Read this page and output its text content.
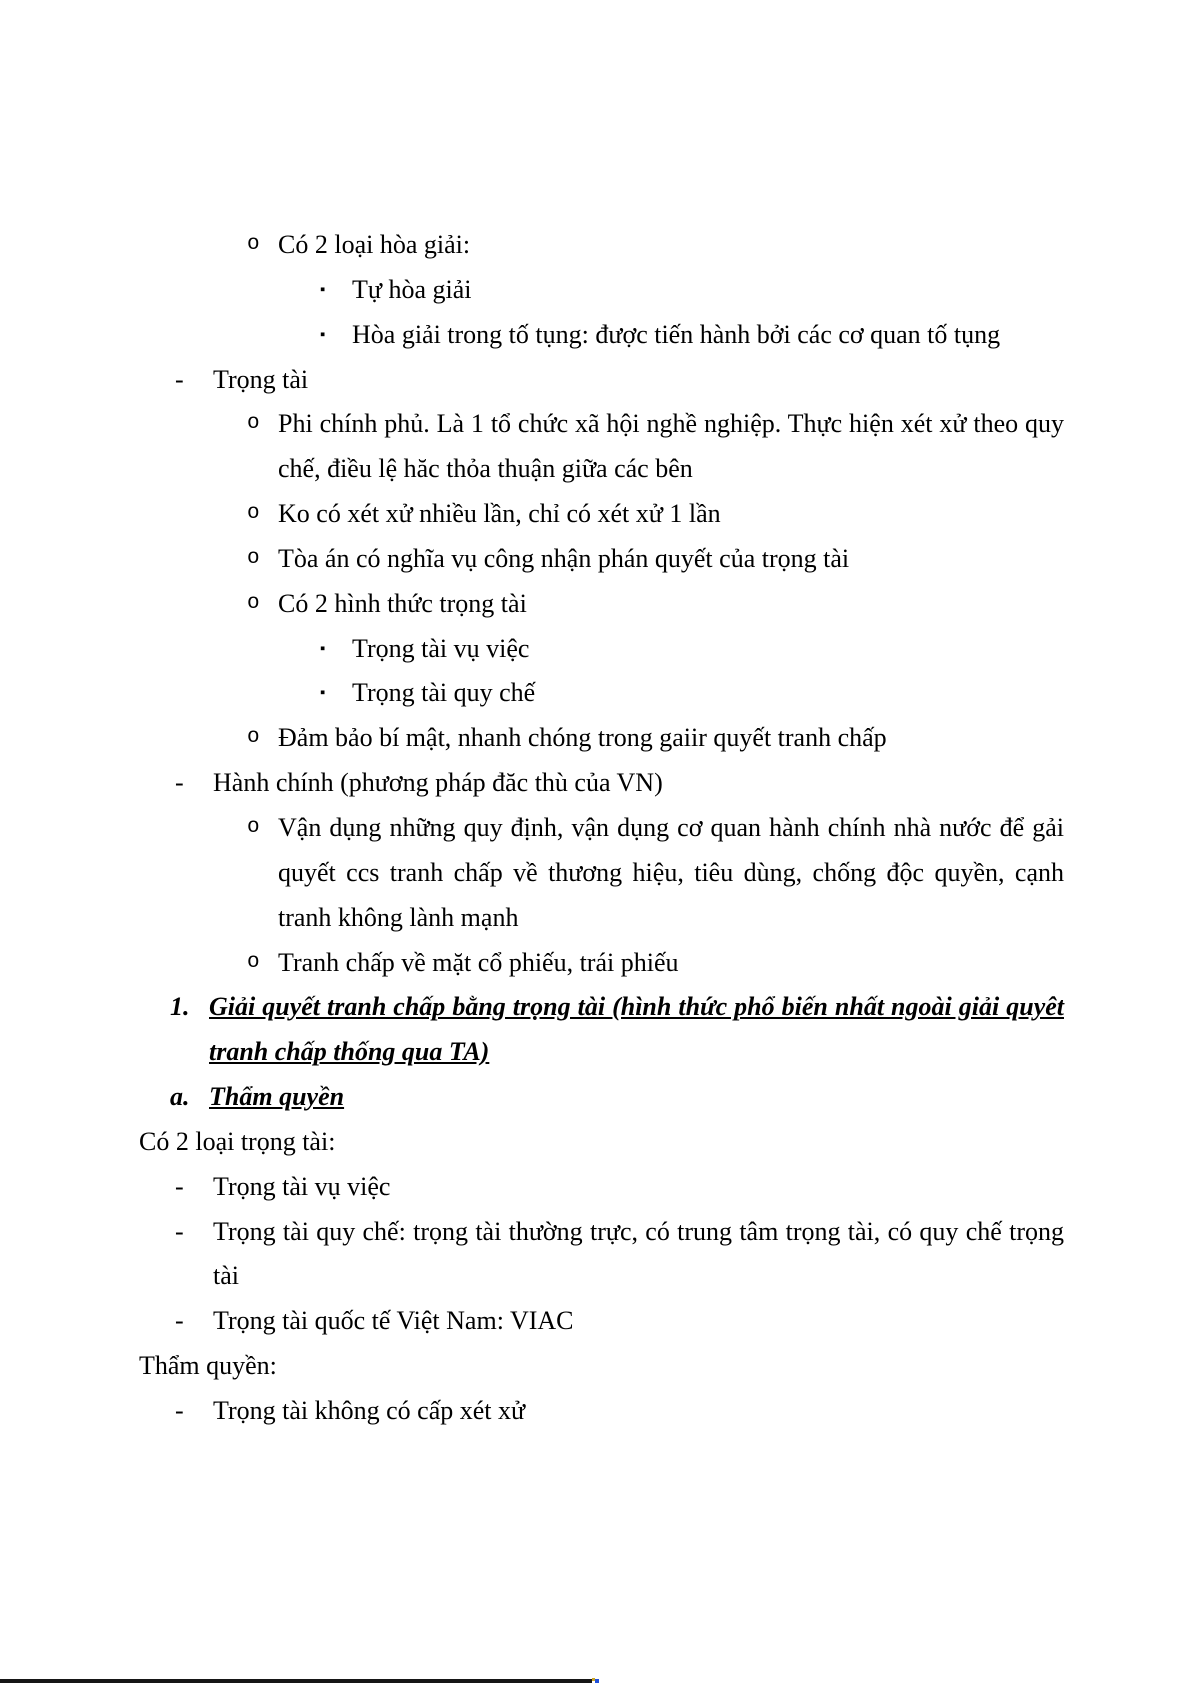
o Có 2 loại hòa giải:
▪ Tự hòa giải
▪ Hòa giải trong tố tụng: được tiến hành bởi các cơ quan tố tụng
- Trọng tài
o Phi chính phủ. Là 1 tổ chức xã hội nghề nghiệp. Thực hiện xét xử theo quy
chế, điều lệ hăc thỏa thuận giữa các bên
o Ko có xét xử nhiều lần, chỉ có xét xử 1 lần
o Tòa án có nghĩa vụ công nhận phán quyết của trọng tài
o Có 2 hình thức trọng tài
▪ Trọng tài vụ việc
▪ Trọng tài quy chế
o Đảm bảo bí mật, nhanh chóng trong gaiir quyết tranh chấp
- Hành chính (phương pháp đăc thù của VN)
o Vận dụng những quy định, vận dụng cơ quan hành chính nhà nước để gải
quyết ccs tranh chấp về thương hiệu, tiêu dùng, chống độc quyền, cạnh
tranh không lành mạnh
o Tranh chấp về mặt cổ phiếu, trái phiếu
1. Giải quyết tranh chấp bằng trọng tài (hình thức phổ biến nhất ngoài giải quyêt
tranh chấp thống qua TA)
a. Thẩm quyền
Có 2 loại trọng tài:
- Trọng tài vụ việc
- Trọng tài quy chế: trọng tài thường trực, có trung tâm trọng tài, có quy chế trọng
tài
- Trọng tài quốc tế Việt Nam: VIAC
Thẩm quyền:
- Trọng tài không có cấp xét xử
